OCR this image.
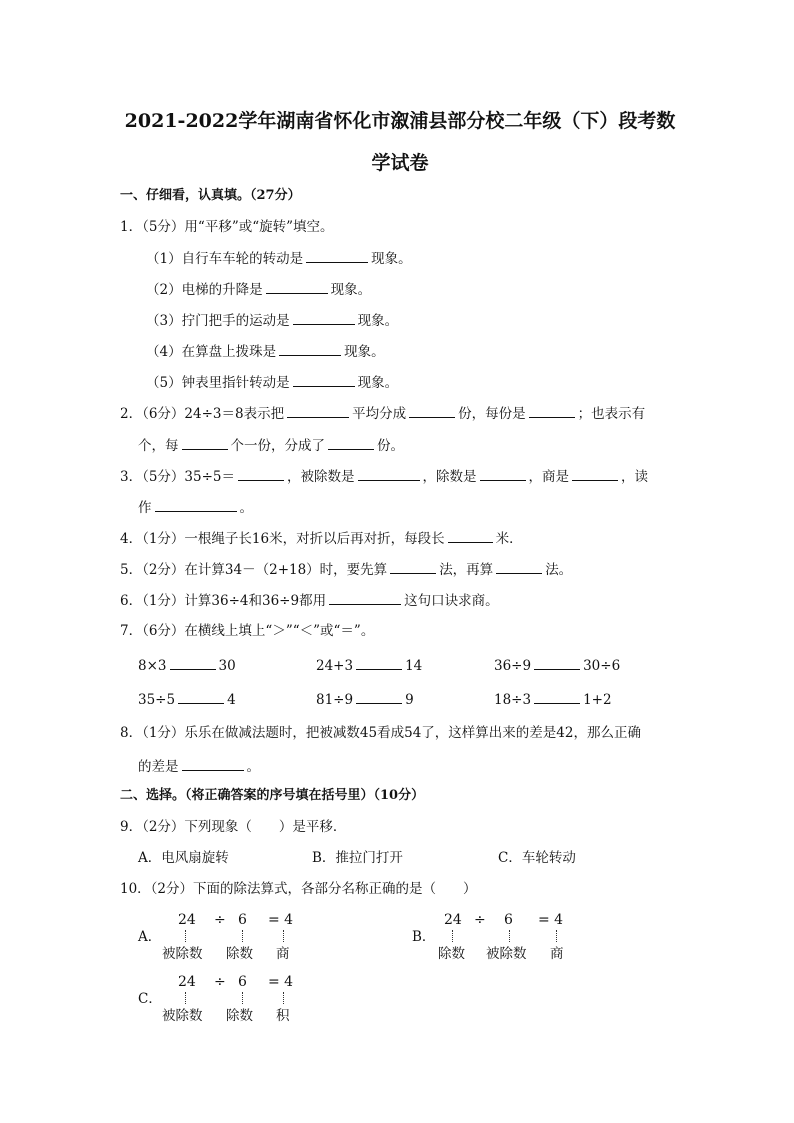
2021-2022学年湖南省怀化市溆浦县部分校二年级（下）段考数
学试卷
一、仔细看，认真填。（27分）
1．（5分）用“平移”或“旋转”填空。
（1）自行车车轮的转动是	现象。
（2）电梯的升降是	现象。
（3）拧门把手的运动是	现象。
（4）在算盘上拨珠是	现象。
（5）钟表里指针转动是	现象。
2．（6分）24÷3＝8表示把	平均分成	份，每份是	；也表示有
个，每	个一份，分成了	份。
3．（5分）35÷5＝	，被除数是	，除数是	，商是	，读
作	。
4．（1分）一根绳子长16米，对折以后再对折，每段长	米．
5．（2分）在计算34－（2+18）时，要先算	法，再算	法。
6．（1分）计算36÷4和36÷9都用	这句口诀求商。
7．（6分）在横线上填上“＞”“＜”或“＝”。
8×3	30	24+3	14	36÷9	30÷6
35÷5	4	81÷9	9	18÷3	1+2
8．（1分）乐乐在做减法题时，把被减数45看成54了，这样算出来的差是42，那么正确
的差是	。
二、选择。（将正确答案的序号填在括号里）（10分）
9．（2分）下列现象（　　）是平移．
A．电风扇旋转	B．推拉门打开	C．车轮转动
10．（2分）下面的除法算式，各部分名称正确的是（　　）
A．
24 ÷ 6 = 4
被除数 除数 商
B．
24 ÷ 6 = 4
除数 被除数 商
C．
24 ÷ 6 = 4
被除数 除数 积
